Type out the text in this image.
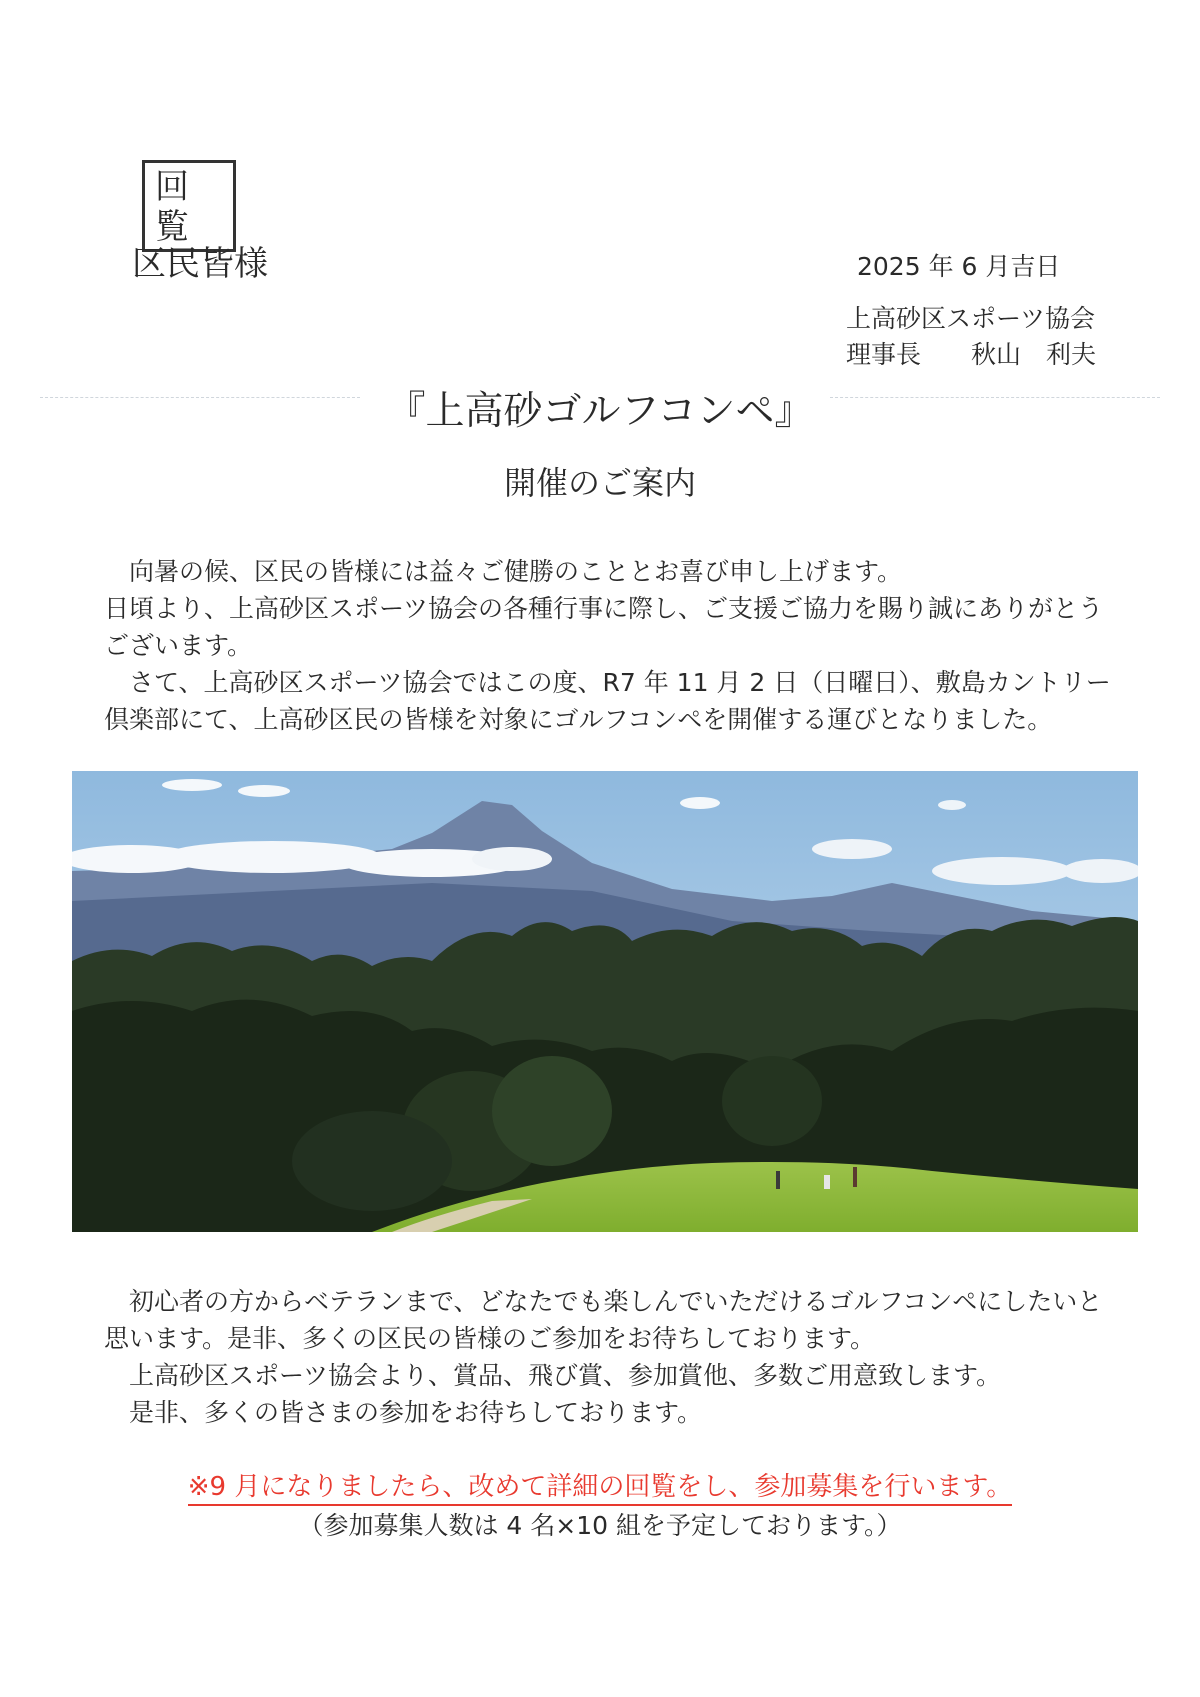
回覧
区民皆様	2025 年 6 月吉日
上高砂区スポーツ協会
理事長　　秋山　利夫
『上高砂ゴルフコンペ』
開催のご案内
　向暑の候、区民の皆様には益々ご健勝のこととお喜び申し上げます。
日頃より、上高砂区スポーツ協会の各種行事に際し、ご支援ご協力を賜り誠にありがとう
ございます。
　さて、上高砂区スポーツ協会ではこの度、R7 年 11 月 2 日（日曜日）、敷島カントリー
倶楽部にて、上高砂区民の皆様を対象にゴルフコンペを開催する運びとなりました。
　初心者の方からベテランまで、どなたでも楽しんでいただけるゴルフコンペにしたいと
思います。是非、多くの区民の皆様のご参加をお待ちしております。
　上高砂区スポーツ協会より、賞品、飛び賞、参加賞他、多数ご用意致します。
　是非、多くの皆さまの参加をお待ちしております。
※9 月になりましたら、改めて詳細の回覧をし、参加募集を行います。
（参加募集人数は 4 名×10 組を予定しております。）
